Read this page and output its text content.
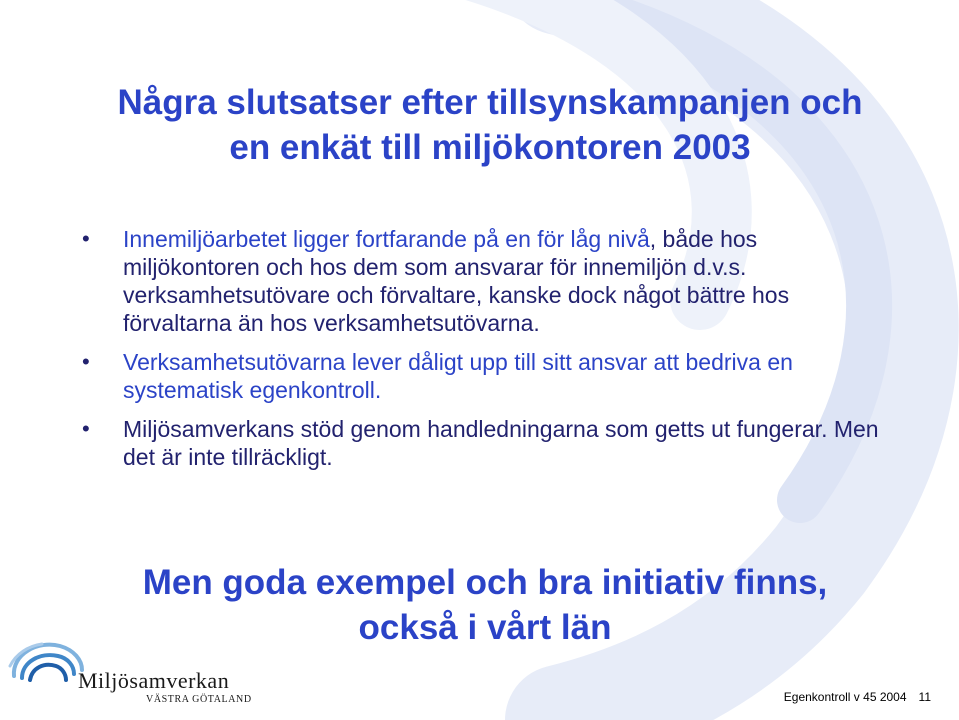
Några slutsatser efter tillsynskampanjen och
en enkät till miljökontoren 2003
• Innemiljöarbetet ligger fortfarande på en för låg nivå, både hos miljökontoren och hos dem som ansvarar för innemiljön d.v.s. verksamhetsutövare och förvaltare, kanske dock något bättre hos förvaltarna än hos verksamhetsutövarna.
• Verksamhetsutövarna lever dåligt upp till sitt ansvar att bedriva en systematisk egenkontroll.
• Miljösamverkans stöd genom handledningarna som getts ut fungerar. Men det är inte tillräckligt.
Men goda exempel och bra initiativ finns,
också i vårt län
Miljösamverkan
VÄSTRA GÖTALAND	Egenkontroll v 45 2004 11
